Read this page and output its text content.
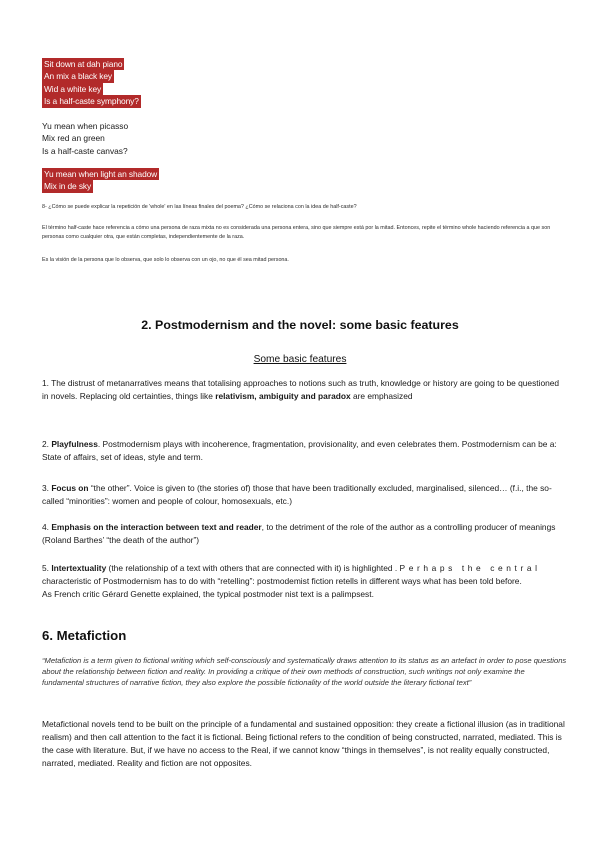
Sit down at dah piano
An mix a black key
Wid a white key
Is a half-caste symphony?
Yu mean when picasso
Mix red an green
Is a half-caste canvas?
Yu mean when light an shadow
Mix in de sky
8- ¿Cómo se puede explicar la repetición de 'whole' en las líneas finales del poema? ¿Cómo se relaciona con la idea de half-caste?
El término half-caste hace referencia a cómo una persona de raza mixta no es considerada una persona entera, sino que siempre está por la mitad. Entonces, repite el término whole haciendo referencia a que son personas como cualquier otra, que están completas, independientemente de la raza.
Es la visión de la persona que lo observa, que solo lo observa con un ojo, no que él sea mitad persona.
2. Postmodernism and the novel: some basic features
Some basic features
1. The distrust of metanarratives means that totalising approaches to notions such as truth, knowledge or history are going to be questioned in novels. Replacing old certainties, things like relativism, ambiguity and paradox are emphasized
2. Playfulness. Postmodernism plays with incoherence, fragmentation, provisionality, and even celebrates them. Postmodernism can be a: State of affairs, set of ideas, style and term.
3. Focus on “the other”. Voice is given to (the stories of) those that have been traditionally excluded, marginalised, silenced… (f.i., the so-called “minorities”: women and people of colour, homosexuals, etc.)
4. Emphasis on the interaction between text and reader, to the detriment of the role of the author as a controlling producer of meanings (Roland Barthes’ “the death of the author”)
5. Intertextuality (the relationship of a text with others that are connected with it) is highlighted . Perhaps the central characteristic of Postmodernism has to do with “retelling”: postmodemist fiction retells in different ways what has been told before.
As French critic Gérard Genette explained, the typical postmoder nist text is a palimpsest.
6. Metafiction
“Metafiction is a term given to fictional writing which self-consciously and systematically draws attention to its status as an artefact in order to pose questions about the relationship between fiction and reality. In providing a critique of their own methods of construction, such writings not only examine the fundamental structures of narrative fiction, they also explore the possible fictionality of the world outside the literary fictional text”
Metafictional novels tend to be built on the principle of a fundamental and sustained opposition: they create a fictional illusion (as in traditional realism) and then call attention to the fact it is fictional. Being fictional refers to the condition of being constructed, narrated, mediated. This is the case with literature. But, if we have no access to the Real, if we cannot know “things in themselves”, is not reality equally constructed, narrated, mediated. Reality and fiction are not opposites.
